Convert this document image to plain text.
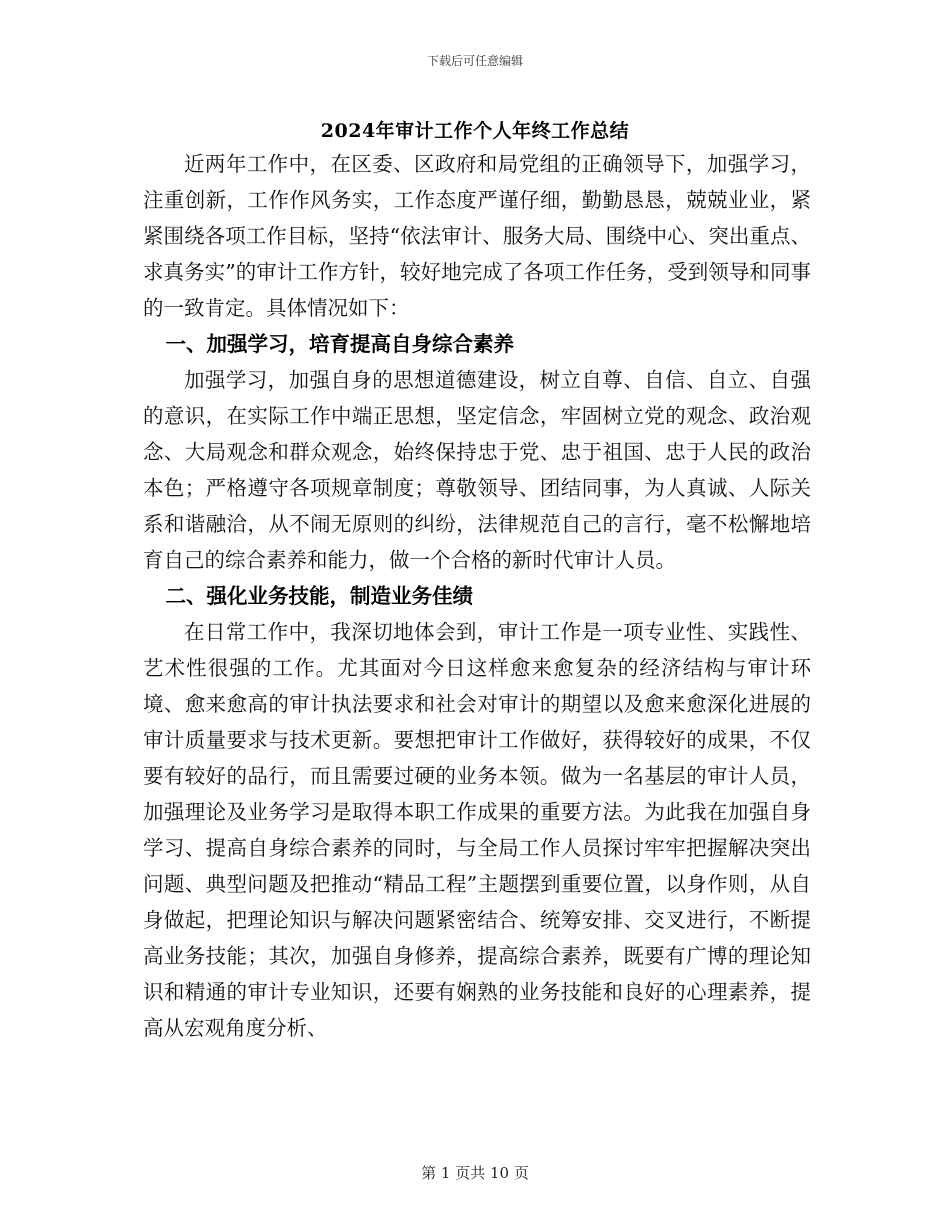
下载后可任意编辑
2024年审计工作个人年终工作总结

近两年工作中，在区委、区政府和局党组的正确领导下，加强学习，注重创新，工作作风务实，工作态度严谨仔细，勤勤恳恳，兢兢业业，紧紧围绕各项工作目标，坚持“依法审计、服务大局、围绕中心、突出重点、求真务实”的审计工作方针，较好地完成了各项工作任务，受到领导和同事的一致肯定。具体情况如下：

一、加强学习，培育提高自身综合素养

加强学习，加强自身的思想道德建设，树立自尊、自信、自立、自强的意识，在实际工作中端正思想，坚定信念，牢固树立党的观念、政治观念、大局观念和群众观念，始终保持忠于党、忠于祖国、忠于人民的政治本色；严格遵守各项规章制度；尊敬领导、团结同事，为人真诚、人际关系和谐融洽，从不闹无原则的纠纷，法律规范自己的言行，毫不松懈地培育自己的综合素养和能力，做一个合格的新时代审计人员。

二、强化业务技能，制造业务佳绩

在日常工作中，我深切地体会到，审计工作是一项专业性、实践性、艺术性很强的工作。尤其面对今日这样愈来愈复杂的经济结构与审计环境、愈来愈高的审计执法要求和社会对审计的期望以及愈来愈深化进展的审计质量要求与技术更新。要想把审计工作做好，获得较好的成果，不仅要有较好的品行，而且需要过硬的业务本领。做为一名基层的审计人员，加强理论及业务学习是取得本职工作成果的重要方法。为此我在加强自身学习、提高自身综合素养的同时，与全局工作人员探讨牢牢把握解决突出问题、典型问题及把推动“精品工程”主题摆到重要位置，以身作则，从自身做起，把理论知识与解决问题紧密结合、统筹安排、交叉进行，不断提高业务技能；其次，加强自身修养，提高综合素养，既要有广博的理论知识和精通的审计专业知识，还要有娴熟的业务技能和良好的心理素养，提高从宏观角度分析、

第 1 页共 10 页
